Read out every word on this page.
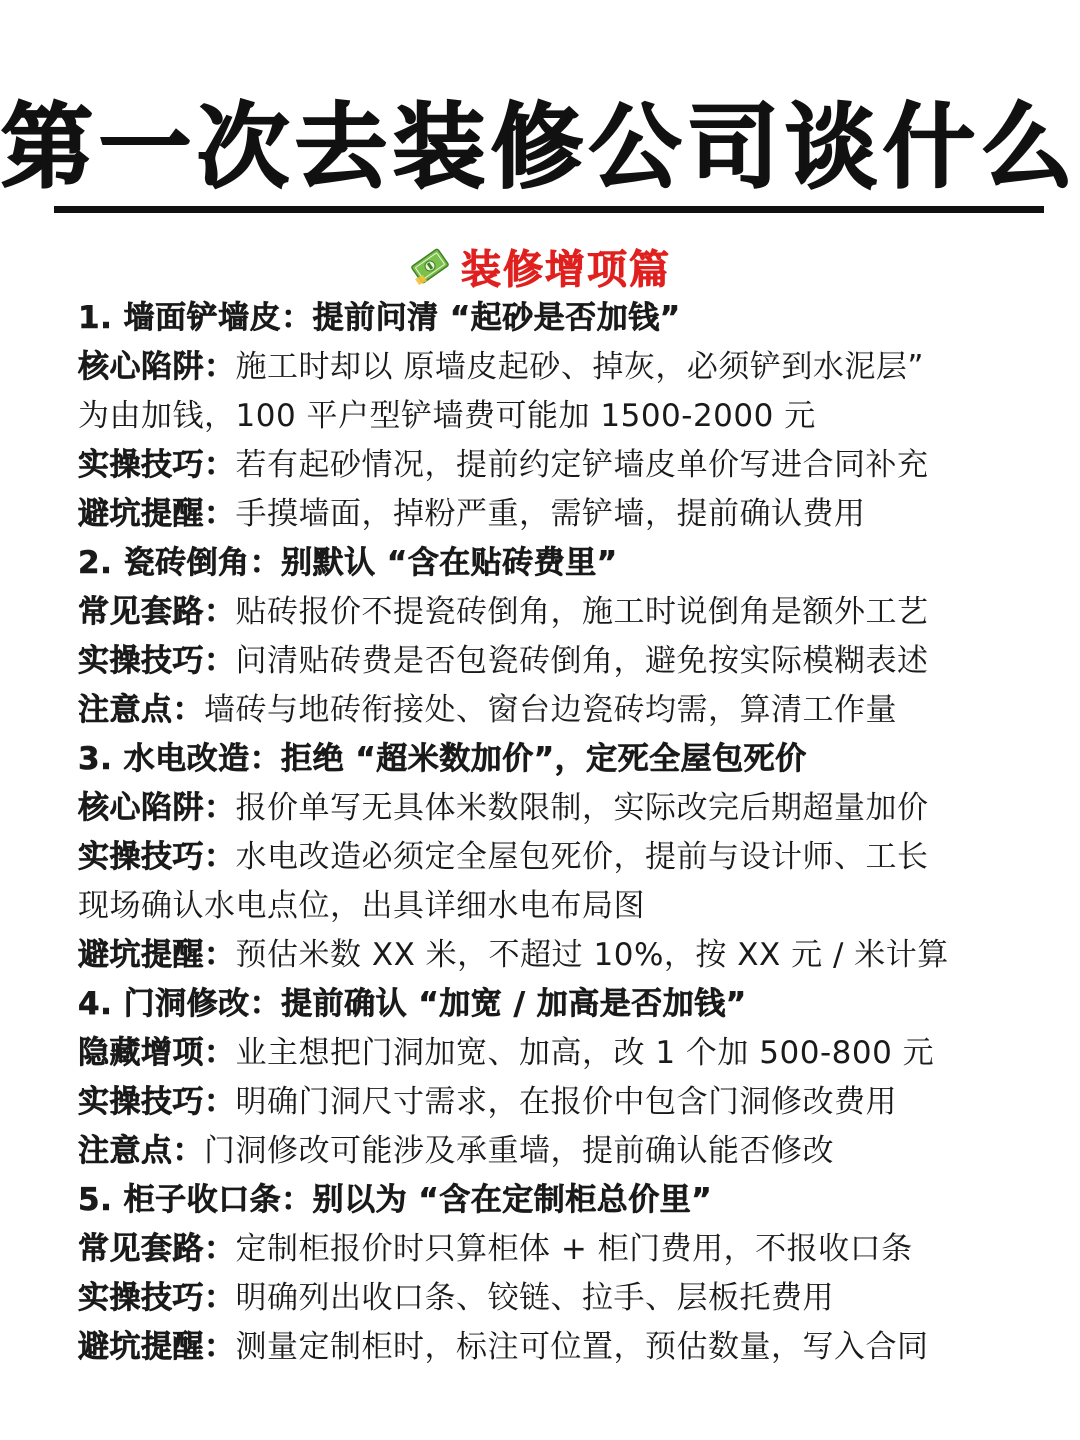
第一次去装修公司谈什么
装修增项篇
1. 墙面铲墙皮：提前问清 “起砂是否加钱”
核心陷阱：施工时却以 原墙皮起砂、掉灰，必须铲到水泥层”
为由加钱，100 平户型铲墙费可能加 1500-2000 元
实操技巧：若有起砂情况，提前约定铲墙皮单价写进合同补充
避坑提醒：手摸墙面，掉粉严重，需铲墙，提前确认费用
2. 瓷砖倒角：别默认 “含在贴砖费里”
常见套路：贴砖报价不提瓷砖倒角，施工时说倒角是额外工艺
实操技巧：问清贴砖费是否包瓷砖倒角，避免按实际模糊表述
注意点：墙砖与地砖衔接处、窗台边瓷砖均需，算清工作量
3. 水电改造：拒绝 “超米数加价”，定死全屋包死价
核心陷阱：报价单写无具体米数限制，实际改完后期超量加价
实操技巧：水电改造必须定全屋包死价，提前与设计师、工长
现场确认水电点位，出具详细水电布局图
避坑提醒：预估米数 XX 米，不超过 10%，按 XX 元 / 米计算
4. 门洞修改：提前确认 “加宽 / 加高是否加钱”
隐藏增项：业主想把门洞加宽、加高，改 1 个加 500-800 元
实操技巧：明确门洞尺寸需求，在报价中包含门洞修改费用
注意点：门洞修改可能涉及承重墙，提前确认能否修改
5. 柜子收口条：别以为 “含在定制柜总价里”
常见套路：定制柜报价时只算柜体 + 柜门费用，不报收口条
实操技巧：明确列出收口条、铰链、拉手、层板托费用
避坑提醒：测量定制柜时，标注可位置，预估数量，写入合同
